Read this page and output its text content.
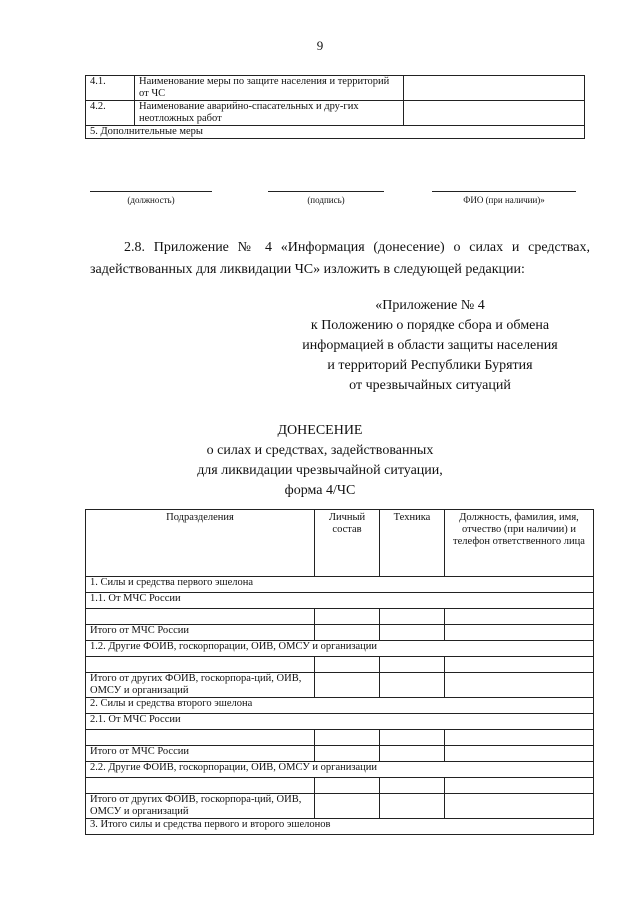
9
4.1.	Наименование меры по защите населения и территорий от ЧС	
4.2.	Наименование аварийно-спасательных и дру-гих неотложных работ	
5. Дополнительные меры		
(должность)	(подпись)	ФИО (при наличии)»
2.8. Приложение № 4 «Информация (донесение) о силах и средствах, задействованных для ликвидации ЧС» изложить в следующей редакции:
«Приложение № 4
к Положению о порядке сбора и обмена
информацией в области защиты населения
и территорий Республики Бурятия
от чрезвычайных ситуаций
ДОНЕСЕНИЕ
о силах и средствах, задействованных
для ликвидации чрезвычайной ситуации,
форма 4/ЧС
Подразделения	Личный состав	Техника	Должность, фамилия, имя, отчество (при наличии) и телефон ответственного лица
1. Силы и средства первого эшелона			
1.1. От МЧС России			

Итого от МЧС России			
1.2. Другие ФОИВ, госкорпорации, ОИВ, ОМСУ и организации			

Итого от других ФОИВ, госкорпора-ций, ОИВ, ОМСУ и организаций			
2. Силы и средства второго эшелона			
2.1. От МЧС России			

Итого от МЧС России			
2.2. Другие ФОИВ, госкорпорации, ОИВ, ОМСУ и организации			

Итого от других ФОИВ, госкорпора-ций, ОИВ, ОМСУ и организаций			
3. Итого силы и средства первого и второго эшелонов			
